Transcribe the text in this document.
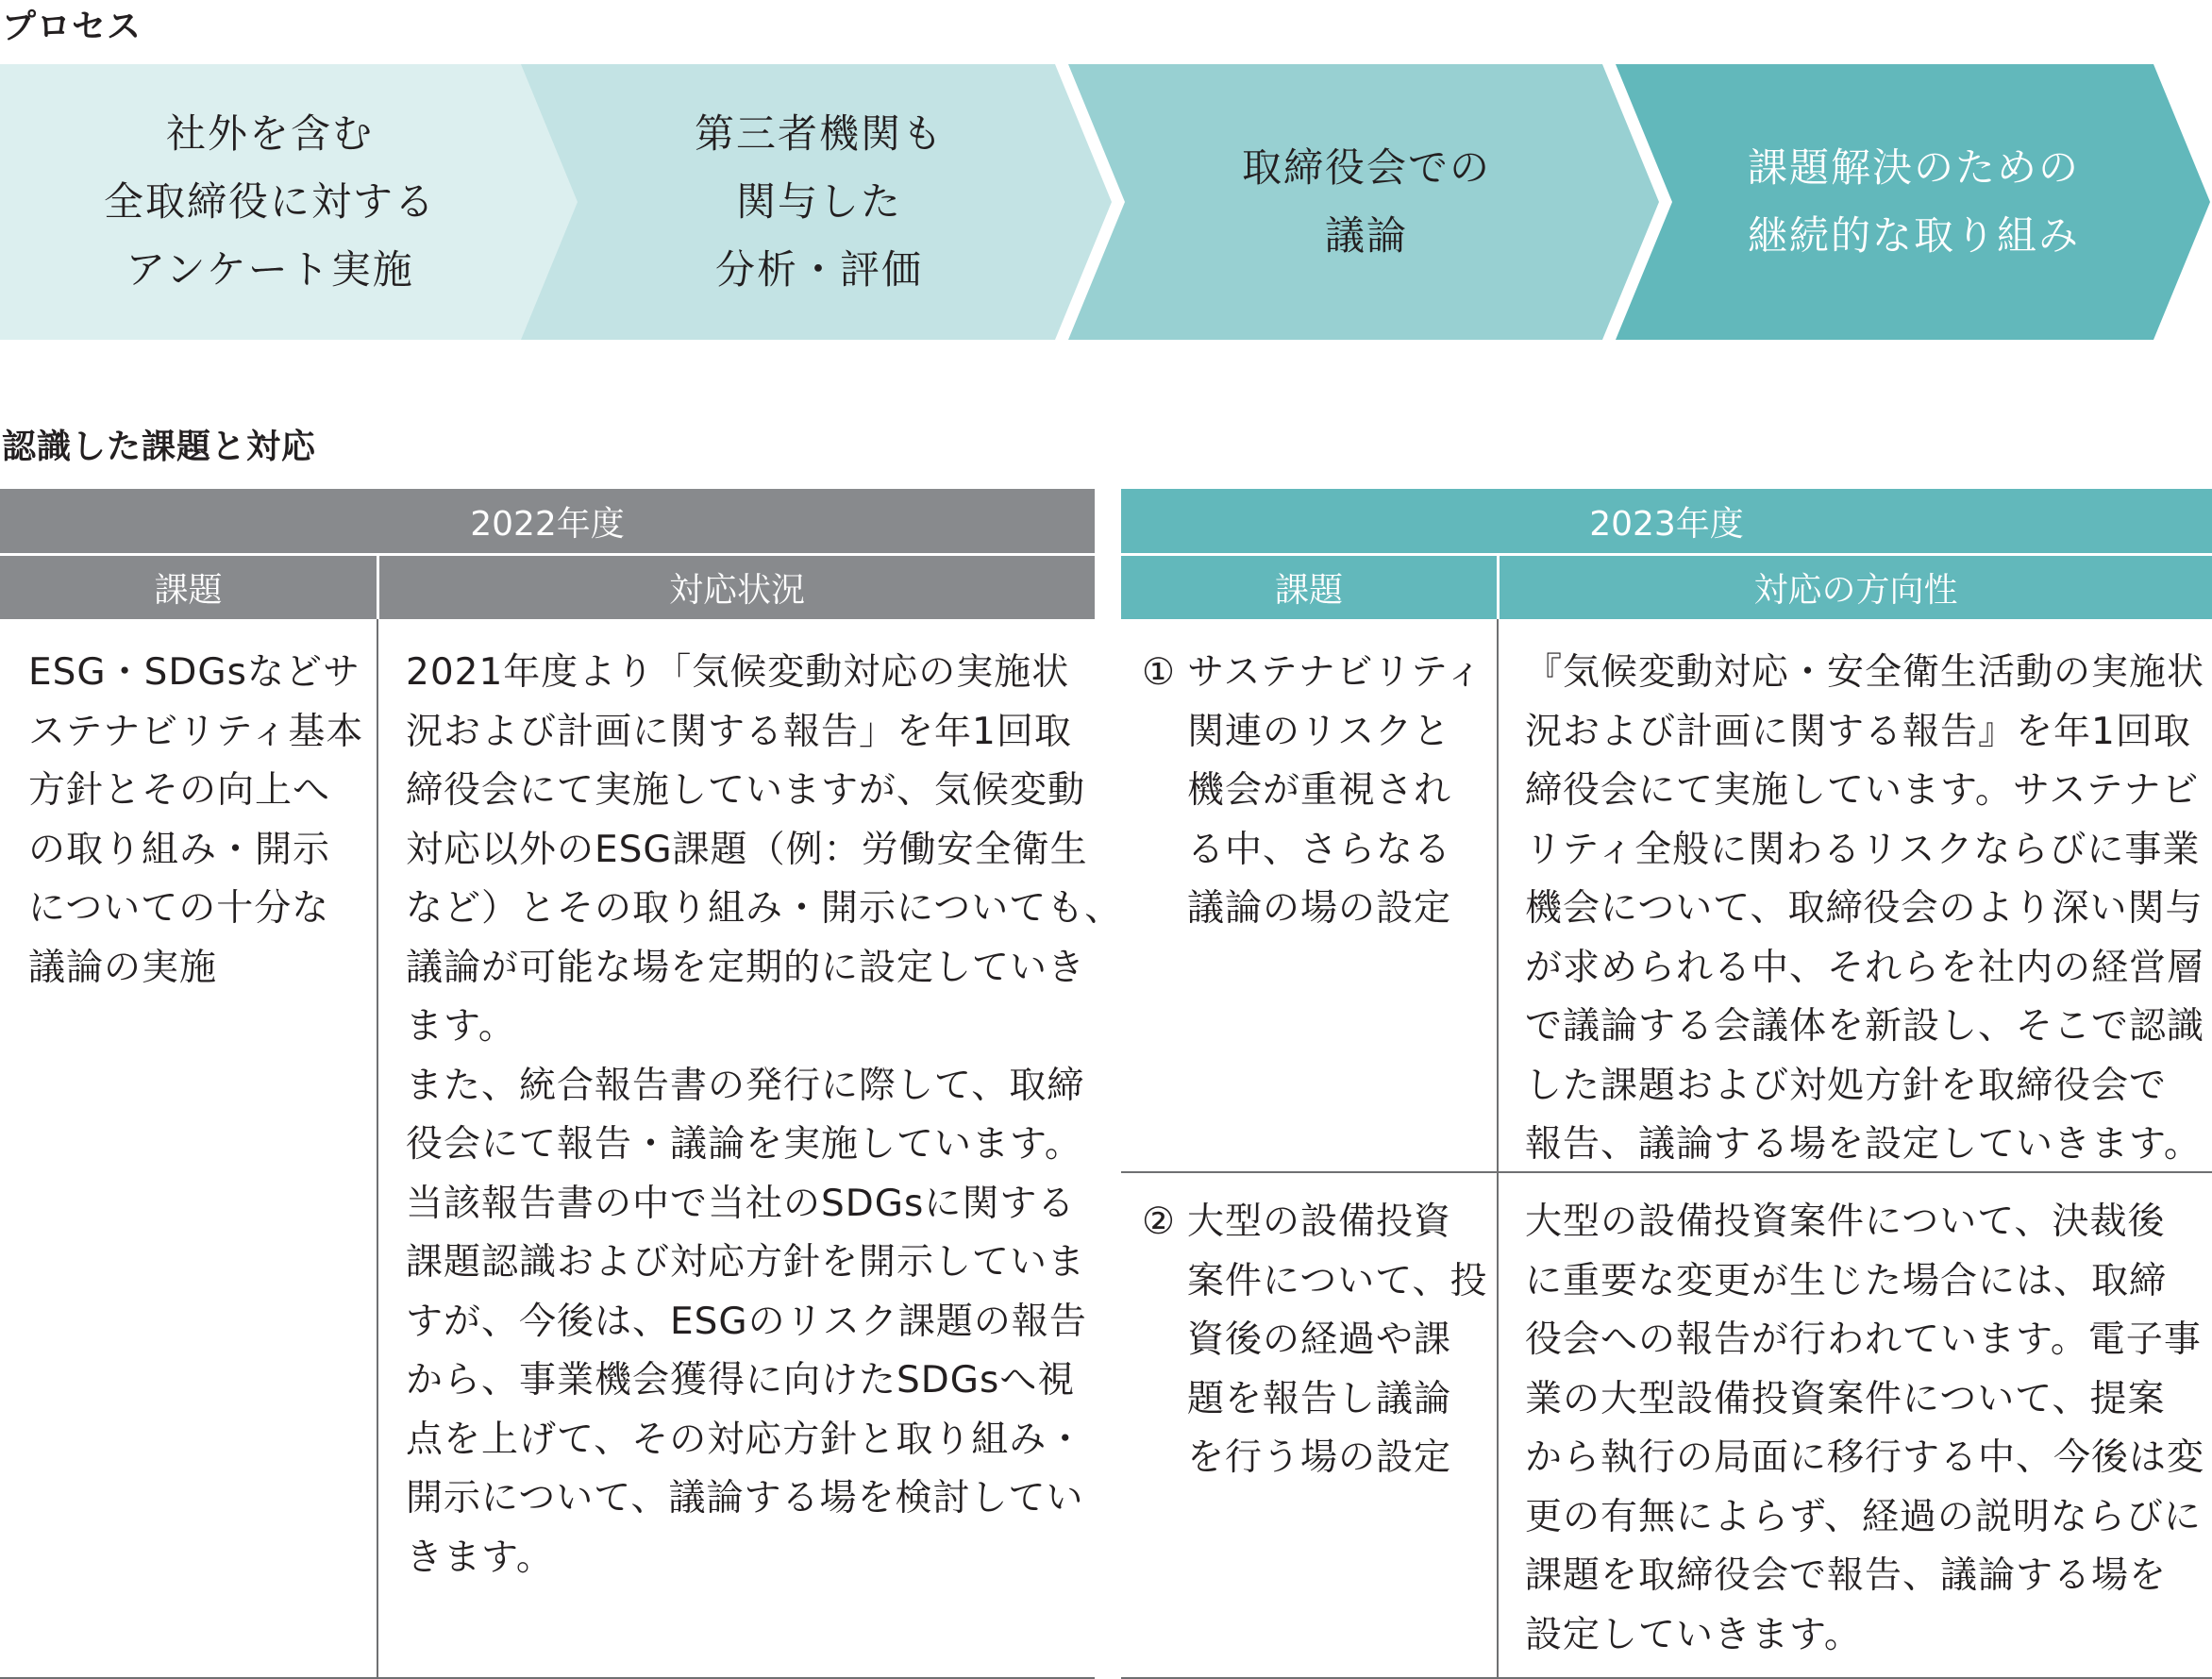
プロセス
社外を含む
全取締役に対する
アンケート実施
第三者機関も
関与した
分析・評価
取締役会での
議論
課題解決のための
継続的な取り組み
認識した課題と対応
2022年度
課題	対応状況
ESG・SDGsなどサ
ステナビリティ基本
方針とその向上へ
の取り組み・開示
についての十分な
議論の実施
2021年度より「気候変動対応の実施状
況および計画に関する報告」を年1回取
締役会にて実施していますが、気候変動
対応以外のESG課題（例：労働安全衛生
など）とその取り組み・開示についても、
議論が可能な場を定期的に設定していき
ます。
また、統合報告書の発行に際して、取締
役会にて報告・議論を実施しています。
当該報告書の中で当社のSDGsに関する
課題認識および対応方針を開示していま
すが、今後は、ESGのリスク課題の報告
から、事業機会獲得に向けたSDGsへ視
点を上げて、その対応方針と取り組み・
開示について、議論する場を検討してい
きます。
2023年度
課題	対応の方向性
① サステナビリティ
関連のリスクと
機会が重視され
る中、さらなる
議論の場の設定
『気候変動対応・安全衛生活動の実施状
況および計画に関する報告』を年1回取
締役会にて実施しています。サステナビ
リティ全般に関わるリスクならびに事業
機会について、取締役会のより深い関与
が求められる中、それらを社内の経営層
で議論する会議体を新設し、そこで認識
した課題および対処方針を取締役会で
報告、議論する場を設定していきます。
② 大型の設備投資
案件について、投
資後の経過や課
題を報告し議論
を行う場の設定
大型の設備投資案件について、決裁後
に重要な変更が生じた場合には、取締
役会への報告が行われています。電子事
業の大型設備投資案件について、提案
から執行の局面に移行する中、今後は変
更の有無によらず、経過の説明ならびに
課題を取締役会で報告、議論する場を
設定していきます。
